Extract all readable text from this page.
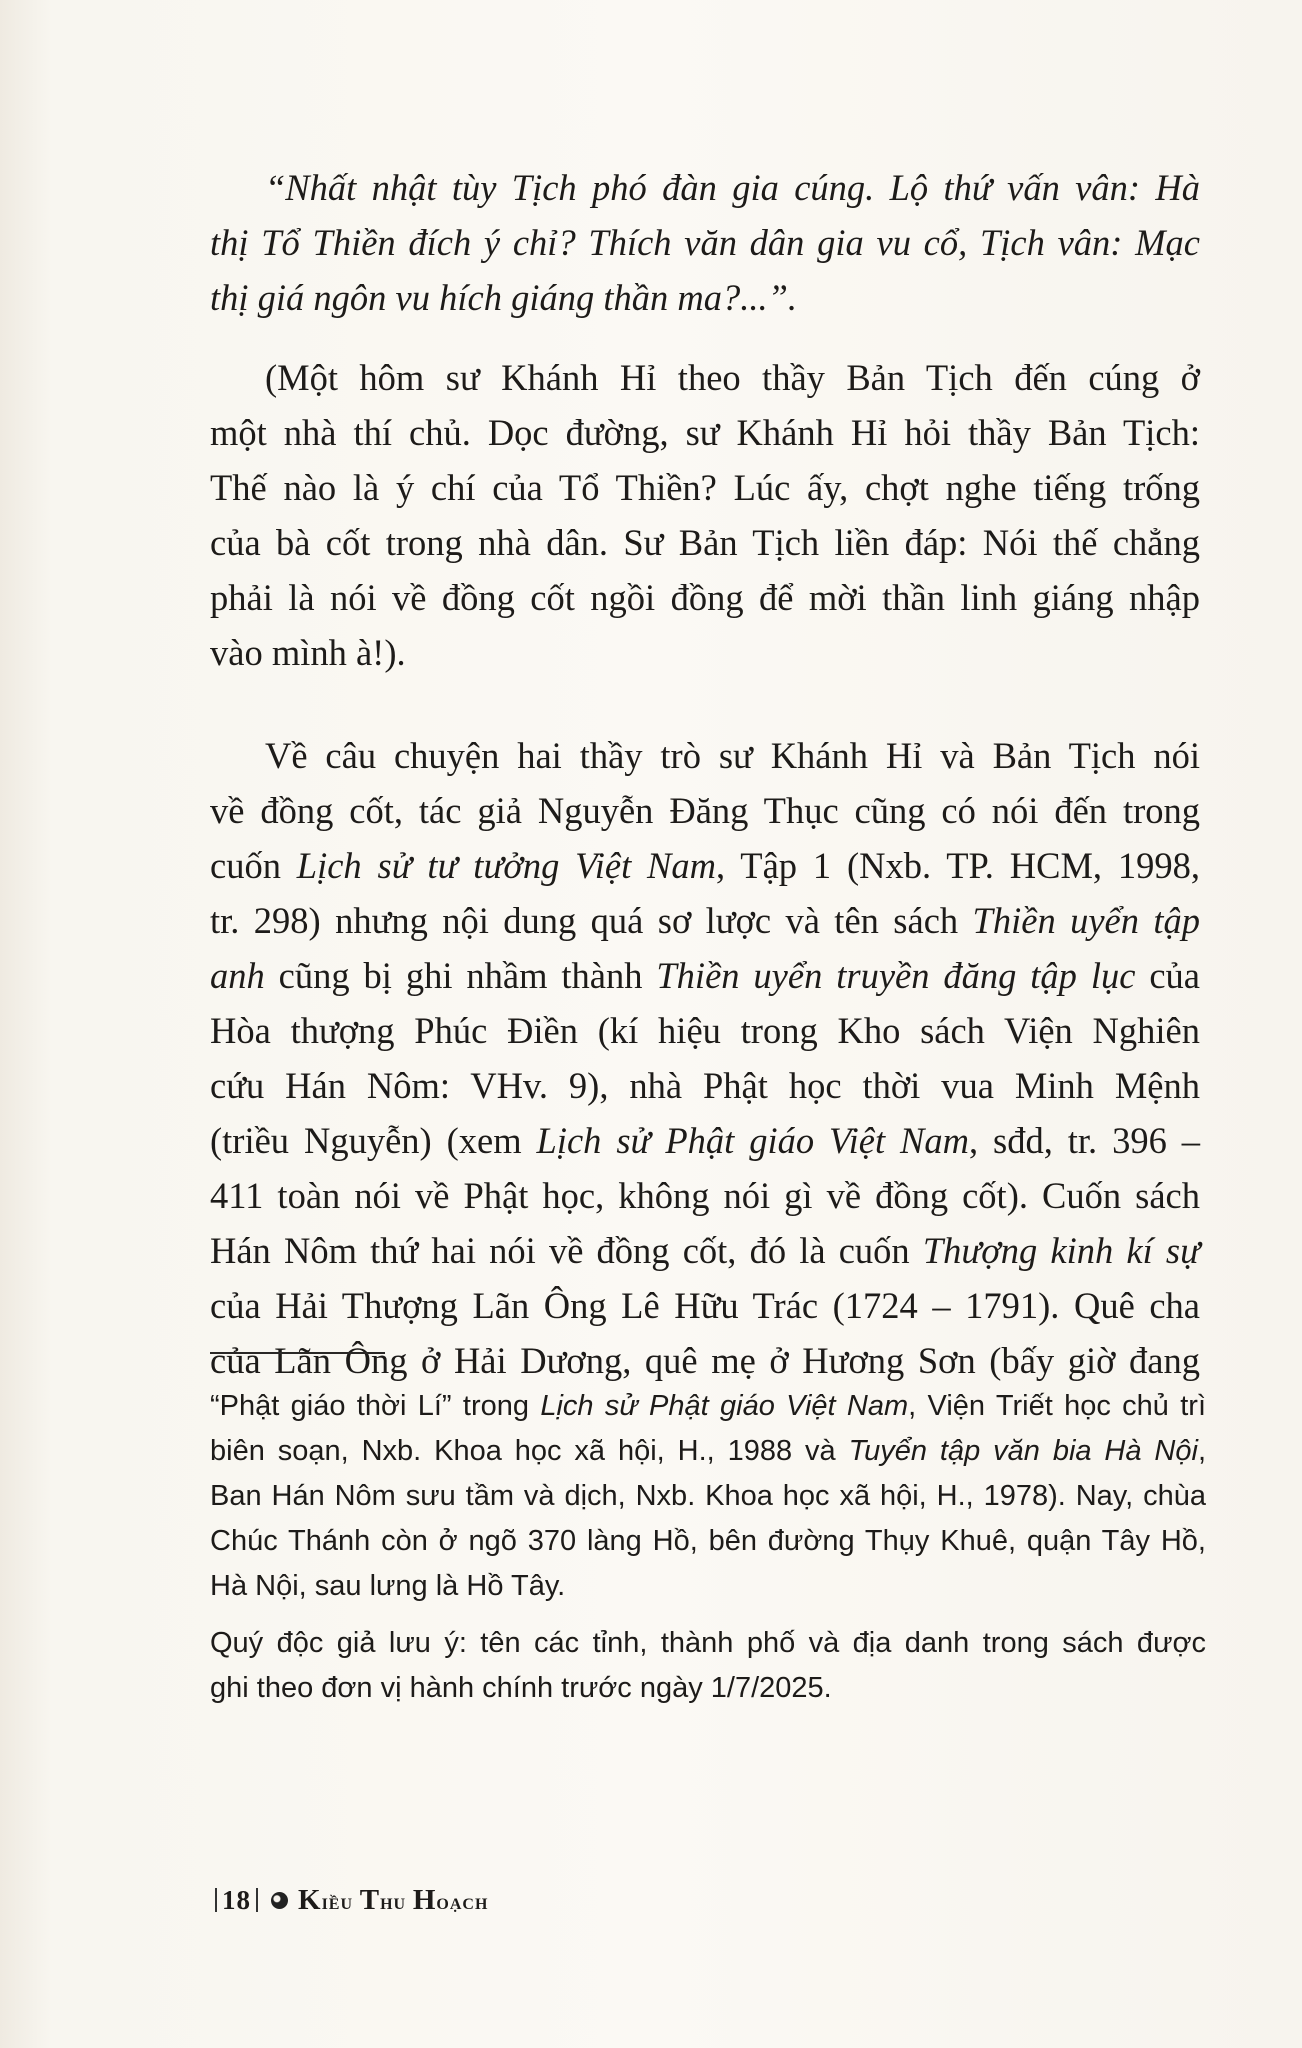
“Nhất nhật tùy Tịch phó đàn gia cúng. Lộ thứ vấn vân: Hà
thị Tổ Thiền đích ý chỉ? Thích văn dân gia vu cổ, Tịch vân: Mạc
thị giá ngôn vu hích giáng thần ma?...”.
(Một hôm sư Khánh Hỉ theo thầy Bản Tịch đến cúng ở
một nhà thí chủ. Dọc đường, sư Khánh Hỉ hỏi thầy Bản Tịch:
Thế nào là ý chí của Tổ Thiền? Lúc ấy, chợt nghe tiếng trống
của bà cốt trong nhà dân. Sư Bản Tịch liền đáp: Nói thế chẳng
phải là nói về đồng cốt ngồi đồng để mời thần linh giáng nhập
vào mình à!).
Về câu chuyện hai thầy trò sư Khánh Hỉ và Bản Tịch nói
về đồng cốt, tác giả Nguyễn Đăng Thục cũng có nói đến trong
cuốn Lịch sử tư tưởng Việt Nam, Tập 1 (Nxb. TP. HCM, 1998,
tr. 298) nhưng nội dung quá sơ lược và tên sách Thiền uyển tập
anh cũng bị ghi nhầm thành Thiền uyển truyền đăng tập lục của
Hòa thượng Phúc Điền (kí hiệu trong Kho sách Viện Nghiên
cứu Hán Nôm: VHv. 9), nhà Phật học thời vua Minh Mệnh
(triều Nguyễn) (xem Lịch sử Phật giáo Việt Nam, sđd, tr. 396 –
411 toàn nói về Phật học, không nói gì về đồng cốt). Cuốn sách
Hán Nôm thứ hai nói về đồng cốt, đó là cuốn Thượng kinh kí sự
của Hải Thượng Lãn Ông Lê Hữu Trác (1724 – 1791). Quê cha
của Lãn Ông ở Hải Dương, quê mẹ ở Hương Sơn (bấy giờ đang
“Phật giáo thời Lí” trong Lịch sử Phật giáo Việt Nam, Viện Triết học chủ trì
biên soạn, Nxb. Khoa học xã hội, H., 1988 và Tuyển tập văn bia Hà Nội,
Ban Hán Nôm sưu tầm và dịch, Nxb. Khoa học xã hội, H., 1978). Nay, chùa
Chúc Thánh còn ở ngõ 370 làng Hồ, bên đường Thụy Khuê, quận Tây Hồ,
Hà Nội, sau lưng là Hồ Tây.
Quý độc giả lưu ý: tên các tỉnh, thành phố và địa danh trong sách được
ghi theo đơn vị hành chính trước ngày 1/7/2025.
18 Kiều Thu Hoạch
